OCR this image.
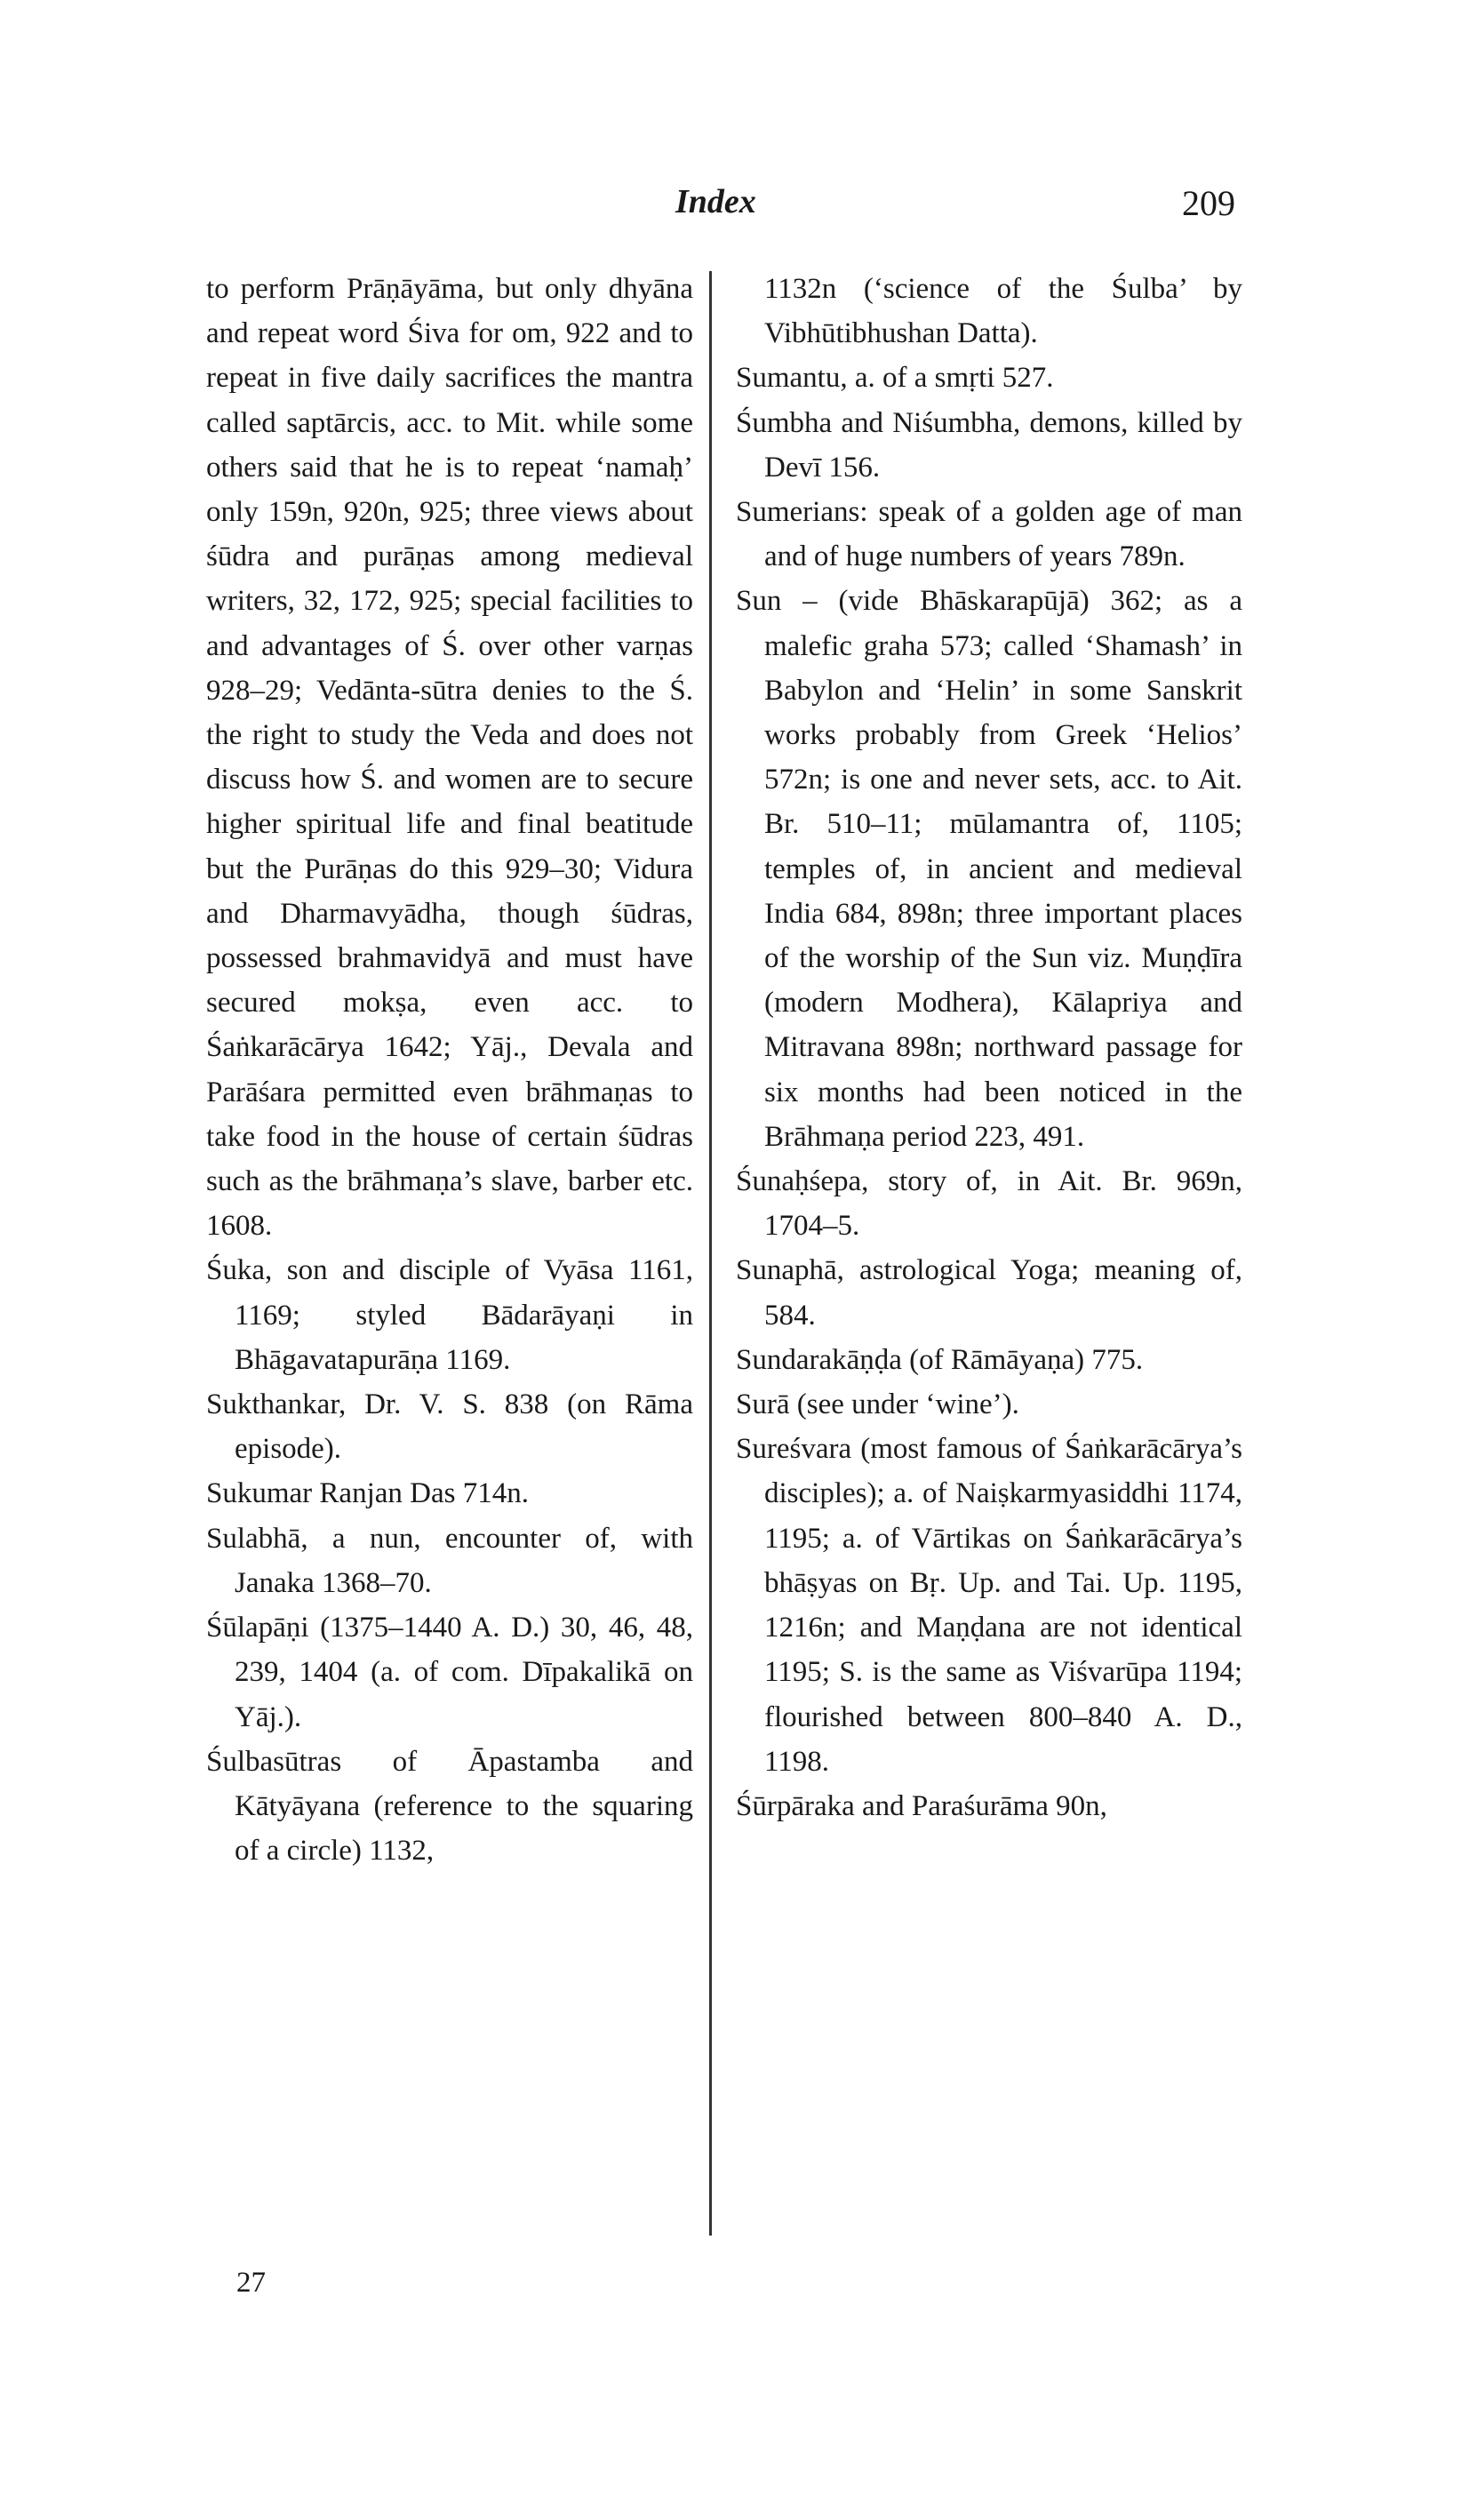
Index	209
to perform Prāṇāyāma, but only dhyāna and repeat word Śiva for om, 922 and to repeat in five daily sacrifices the mantra called saptārcis, acc. to Mit. while some others said that he is to repeat ‘namaḥ’ only 159n, 920n, 925; three views about śūdra and purāṇas among medieval writers, 32, 172, 925; special facilities to and advantages of Ś. over other varṇas 928–29; Vedānta-sūtra denies to the Ś. the right to study the Veda and does not discuss how Ś. and women are to secure higher spiritual life and final beatitude but the Purāṇas do this 929–30; Vidura and Dharmavyādha, though śūdras, possessed brahmavidyā and must have secured mokṣa, even acc. to Śaṅkarācārya 1642; Yāj., Devala and Parāśara permitted even brāhmaṇas to take food in the house of certain śūdras such as the brāhmaṇa’s slave, barber etc. 1608.
Śuka, son and disciple of Vyāsa 1161, 1169; styled Bādarāyaṇi in Bhāgavatapurāṇa 1169.
Sukthankar, Dr. V. S. 838 (on Rāma episode).
Sukumar Ranjan Das 714n.
Sulabhā, a nun, encounter of, with Janaka 1368–70.
Śūlapāṇi (1375–1440 A. D.) 30, 46, 48, 239, 1404 (a. of com. Dīpakalikā on Yāj.).
Śulbasūtras of Āpastamba and Kātyāyana (reference to the squaring of a circle) 1132,
1132n (‘science of the Śulba’ by Vibhūtibhushan Datta).
Sumantu, a. of a smṛti 527.
Śumbha and Niśumbha, demons, killed by Devī 156.
Sumerians: speak of a golden age of man and of huge numbers of years 789n.
Sun – (vide Bhāskarapūjā) 362; as a malefic graha 573; called ‘Shamash’ in Babylon and ‘Helin’ in some Sanskrit works probably from Greek ‘Helios’ 572n; is one and never sets, acc. to Ait. Br. 510–11; mūlamantra of, 1105; temples of, in ancient and medieval India 684, 898n; three important places of the worship of the Sun viz. Muṇḍīra (modern Modhera), Kālapriya and Mitravana 898n; northward passage for six months had been noticed in the Brāhmaṇa period 223, 491.
Śunaḥśepa, story of, in Ait. Br. 969n, 1704–5.
Sunaphā, astrological Yoga; meaning of, 584.
Sundarakāṇḍa (of Rāmāyaṇa) 775.
Surā (see under ‘wine’).
Sureśvara (most famous of Śaṅkarācārya’s disciples); a. of Naiṣkarmyasiddhi 1174, 1195; a. of Vārtikas on Śaṅkarācārya’s bhāṣyas on Bṛ. Up. and Tai. Up. 1195, 1216n; and Maṇḍana are not identical 1195; S. is the same as Viśvarūpa 1194; flourished between 800–840 A. D., 1198.
Śūrpāraka and Paraśurāma 90n,
27
